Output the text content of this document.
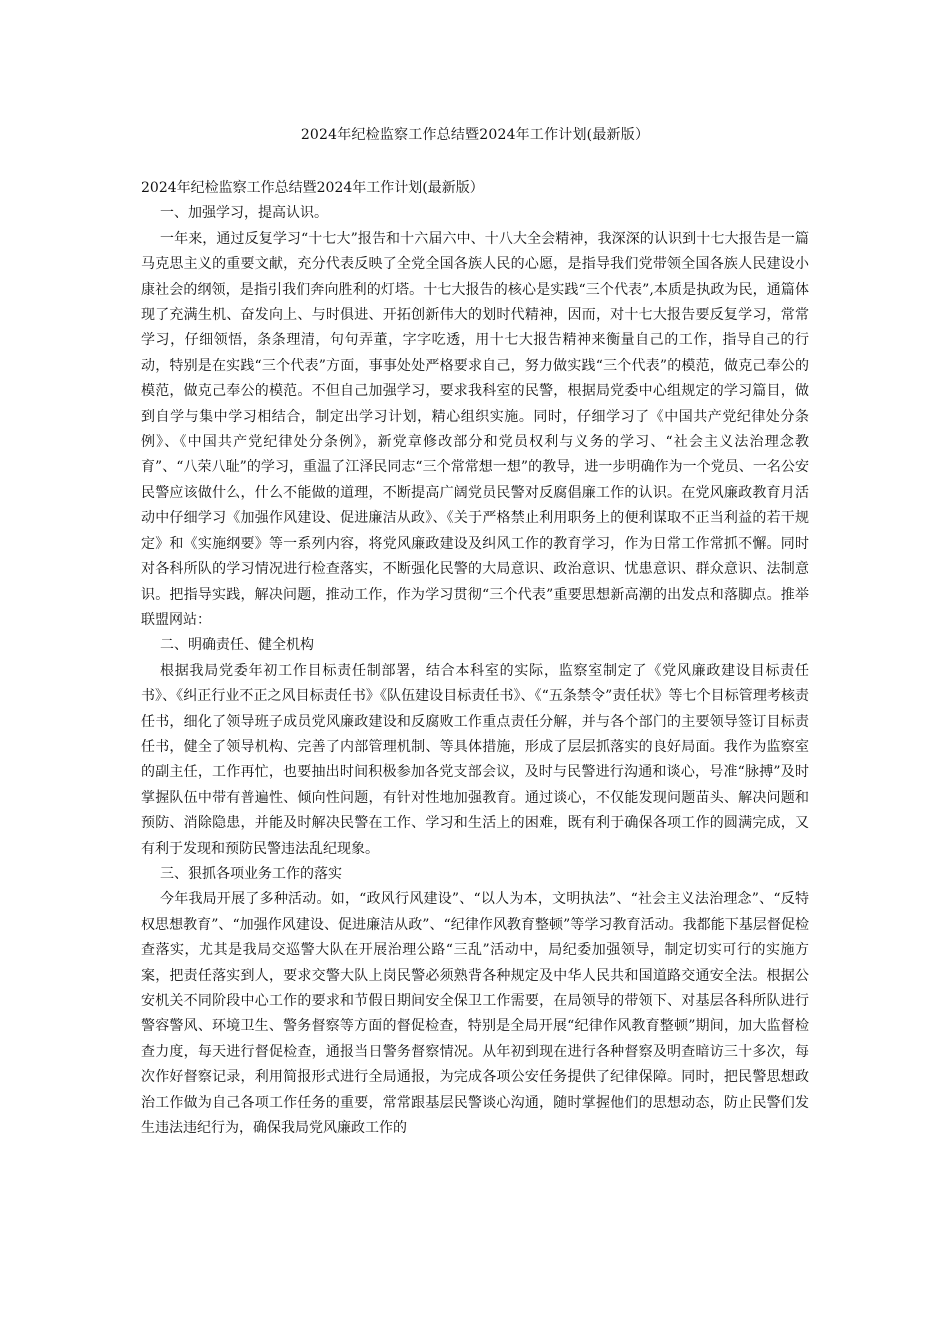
2024年纪检监察工作总结暨2024年工作计划(最新版）

2024年纪检监察工作总结暨2024年工作计划(最新版）

一、加强学习，提高认识。

一年来，通过反复学习“十七大”报告和十六届六中、十八大全会精神，我深深的认识到十七大报告是一篇马克思主义的重要文献，充分代表反映了全党全国各族人民的心愿，是指导我们党带领全国各族人民建设小康社会的纲领，是指引我们奔向胜利的灯塔。十七大报告的核心是实践“三个代表”,本质是执政为民，通篇体现了充满生机、奋发向上、与时俱进、开拓创新伟大的划时代精神，因而，对十七大报告要反复学习，常常学习，仔细领悟，条条理清，句句弄董，字字吃透，用十七大报告精神来衡量自己的工作，指导自己的行动，特别是在实践“三个代表”方面，事事处处严格要求自己，努力做实践“三个代表”的模范，做克己奉公的模范，做克己奉公的模范。不但自己加强学习，要求我科室的民警，根据局党委中心组规定的学习篇目，做到自学与集中学习相结合，制定出学习计划，精心组织实施。同时，仔细学习了《中国共产党纪律处分条例》、《中国共产党纪律处分条例》，新党章修改部分和党员权利与义务的学习、“社会主义法治理念教育”、“八荣八耻”的学习，重温了江泽民同志“三个常常想一想”的教导，进一步明确作为一个党员、一名公安民警应该做什么，什么不能做的道理，不断提高广阔党员民警对反腐倡廉工作的认识。在党风廉政教育月活动中仔细学习《加强作风建设、促进廉洁从政》、《关于严格禁止利用职务上的便利谋取不正当利益的若干规定》和《实施纲要》等一系列内容，将党风廉政建设及纠风工作的教育学习，作为日常工作常抓不懈。同时对各科所队的学习情况进行检查落实，不断强化民警的大局意识、政治意识、忧患意识、群众意识、法制意识。把指导实践，解决问题，推动工作，作为学习贯彻“三个代表”重要思想新高潮的出发点和落脚点。推举联盟网站：

二、明确责任、健全机构

根据我局党委年初工作目标责任制部署，结合本科室的实际，监察室制定了《党风廉政建设目标责任书》、《纠正行业不正之风目标责任书》《队伍建设目标责任书》、《“五条禁令”责任状》等七个目标管理考核责任书，细化了领导班子成员党风廉政建设和反腐败工作重点责任分解，并与各个部门的主要领导签订目标责任书，健全了领导机构、完善了内部管理机制、等具体措施，形成了层层抓落实的良好局面。我作为监察室的副主任，工作再忙，也要抽出时间积极参加各党支部会议，及时与民警进行沟通和谈心，号准“脉搏”及时掌握队伍中带有普遍性、倾向性问题，有针对性地加强教育。通过谈心，不仅能发现问题苗头、解决问题和预防、消除隐患，并能及时解决民警在工作、学习和生活上的困难，既有利于确保各项工作的圆满完成，又有利于发现和预防民警违法乱纪现象。

三、狠抓各项业务工作的落实

今年我局开展了多种活动。如，“政风行风建设”、“以人为本，文明执法”、“社会主义法治理念”、“反特权思想教育”、“加强作风建设、促进廉洁从政”、“纪律作风教育整顿”等学习教育活动。我都能下基层督促检查落实，尤其是我局交巡警大队在开展治理公路“三乱”活动中，局纪委加强领导，制定切实可行的实施方案，把责任落实到人，要求交警大队上岗民警必须熟背各种规定及中华人民共和国道路交通安全法。根据公安机关不同阶段中心工作的要求和节假日期间安全保卫工作需要，在局领导的带领下、对基层各科所队进行警容警风、环境卫生、警务督察等方面的督促检查，特别是全局开展“纪律作风教育整顿”期间，加大监督检查力度，每天进行督促检查，通报当日警务督察情况。从年初到现在进行各种督察及明查暗访三十多次，每次作好督察记录，利用简报形式进行全局通报，为完成各项公安任务提供了纪律保障。同时，把民警思想政治工作做为自己各项工作任务的重要，常常跟基层民警谈心沟通，随时掌握他们的思想动态，防止民警们发生违法违纪行为，确保我局党风廉政工作的
